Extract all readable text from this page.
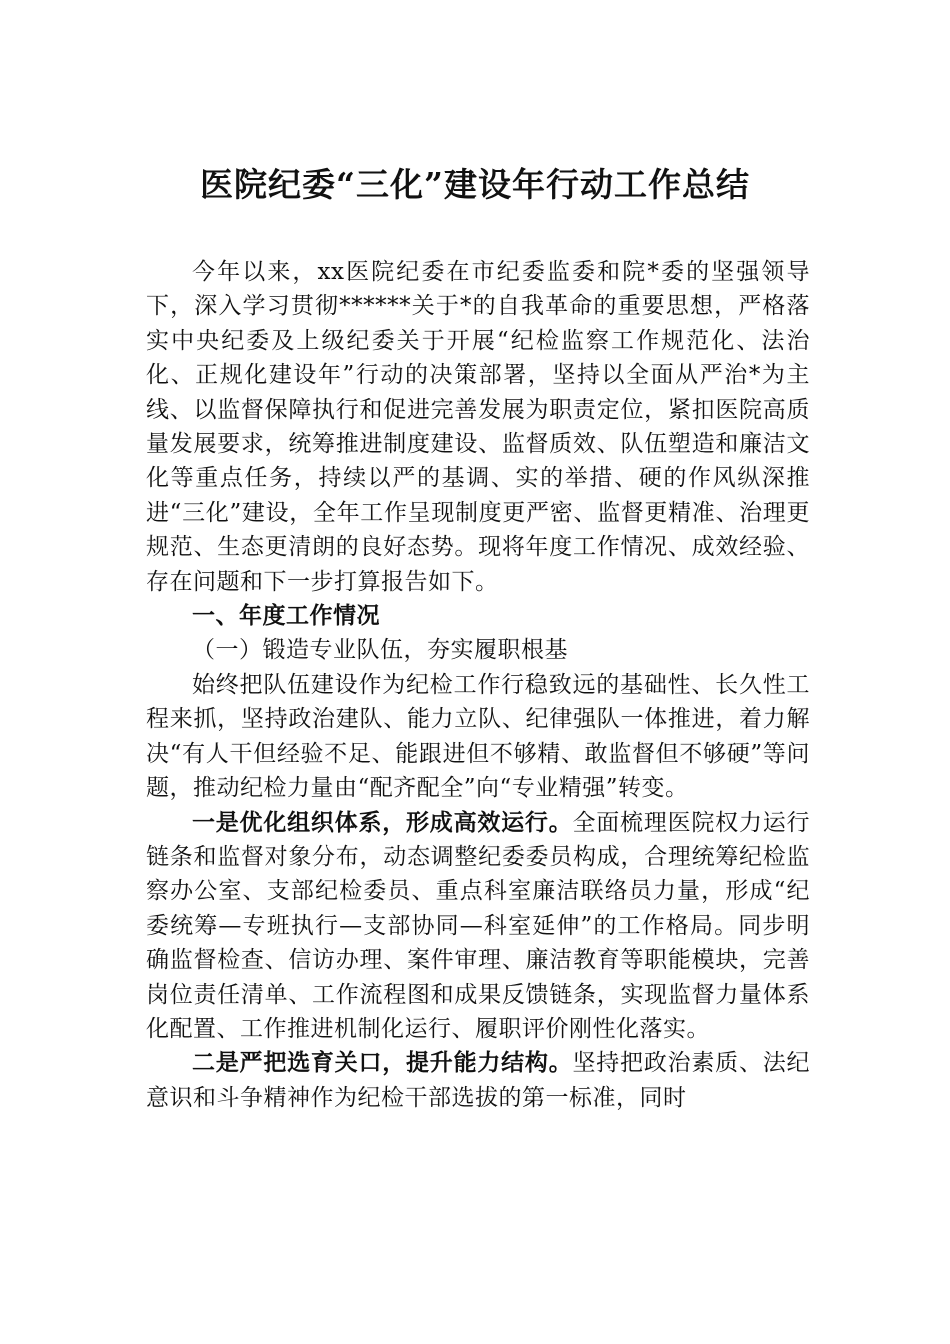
医院纪委“三化”建设年行动工作总结

今年以来，xx医院纪委在市纪委监委和院*委的坚强领导下，深入学习贯彻******关于*的自我革命的重要思想，严格落实中央纪委及上级纪委关于开展“纪检监察工作规范化、法治化、正规化建设年”行动的决策部署，坚持以全面从严治*为主线、以监督保障执行和促进完善发展为职责定位，紧扣医院高质量发展要求，统筹推进制度建设、监督质效、队伍塑造和廉洁文化等重点任务，持续以严的基调、实的举措、硬的作风纵深推进“三化”建设，全年工作呈现制度更严密、监督更精准、治理更规范、生态更清朗的良好态势。现将年度工作情况、成效经验、存在问题和下一步打算报告如下。

一、年度工作情况

（一）锻造专业队伍，夯实履职根基

始终把队伍建设作为纪检工作行稳致远的基础性、长久性工程来抓，坚持政治建队、能力立队、纪律强队一体推进，着力解决“有人干但经验不足、能跟进但不够精、敢监督但不够硬”等问题，推动纪检力量由“配齐配全”向“专业精强”转变。

一是优化组织体系，形成高效运行。全面梳理医院权力运行链条和监督对象分布，动态调整纪委委员构成，合理统筹纪检监察办公室、支部纪检委员、重点科室廉洁联络员力量，形成“纪委统筹—专班执行—支部协同—科室延伸”的工作格局。同步明确监督检查、信访办理、案件审理、廉洁教育等职能模块，完善岗位责任清单、工作流程图和成果反馈链条，实现监督力量体系化配置、工作推进机制化运行、履职评价刚性化落实。

二是严把选育关口，提升能力结构。坚持把政治素质、法纪意识和斗争精神作为纪检干部选拔的第一标准，同时
